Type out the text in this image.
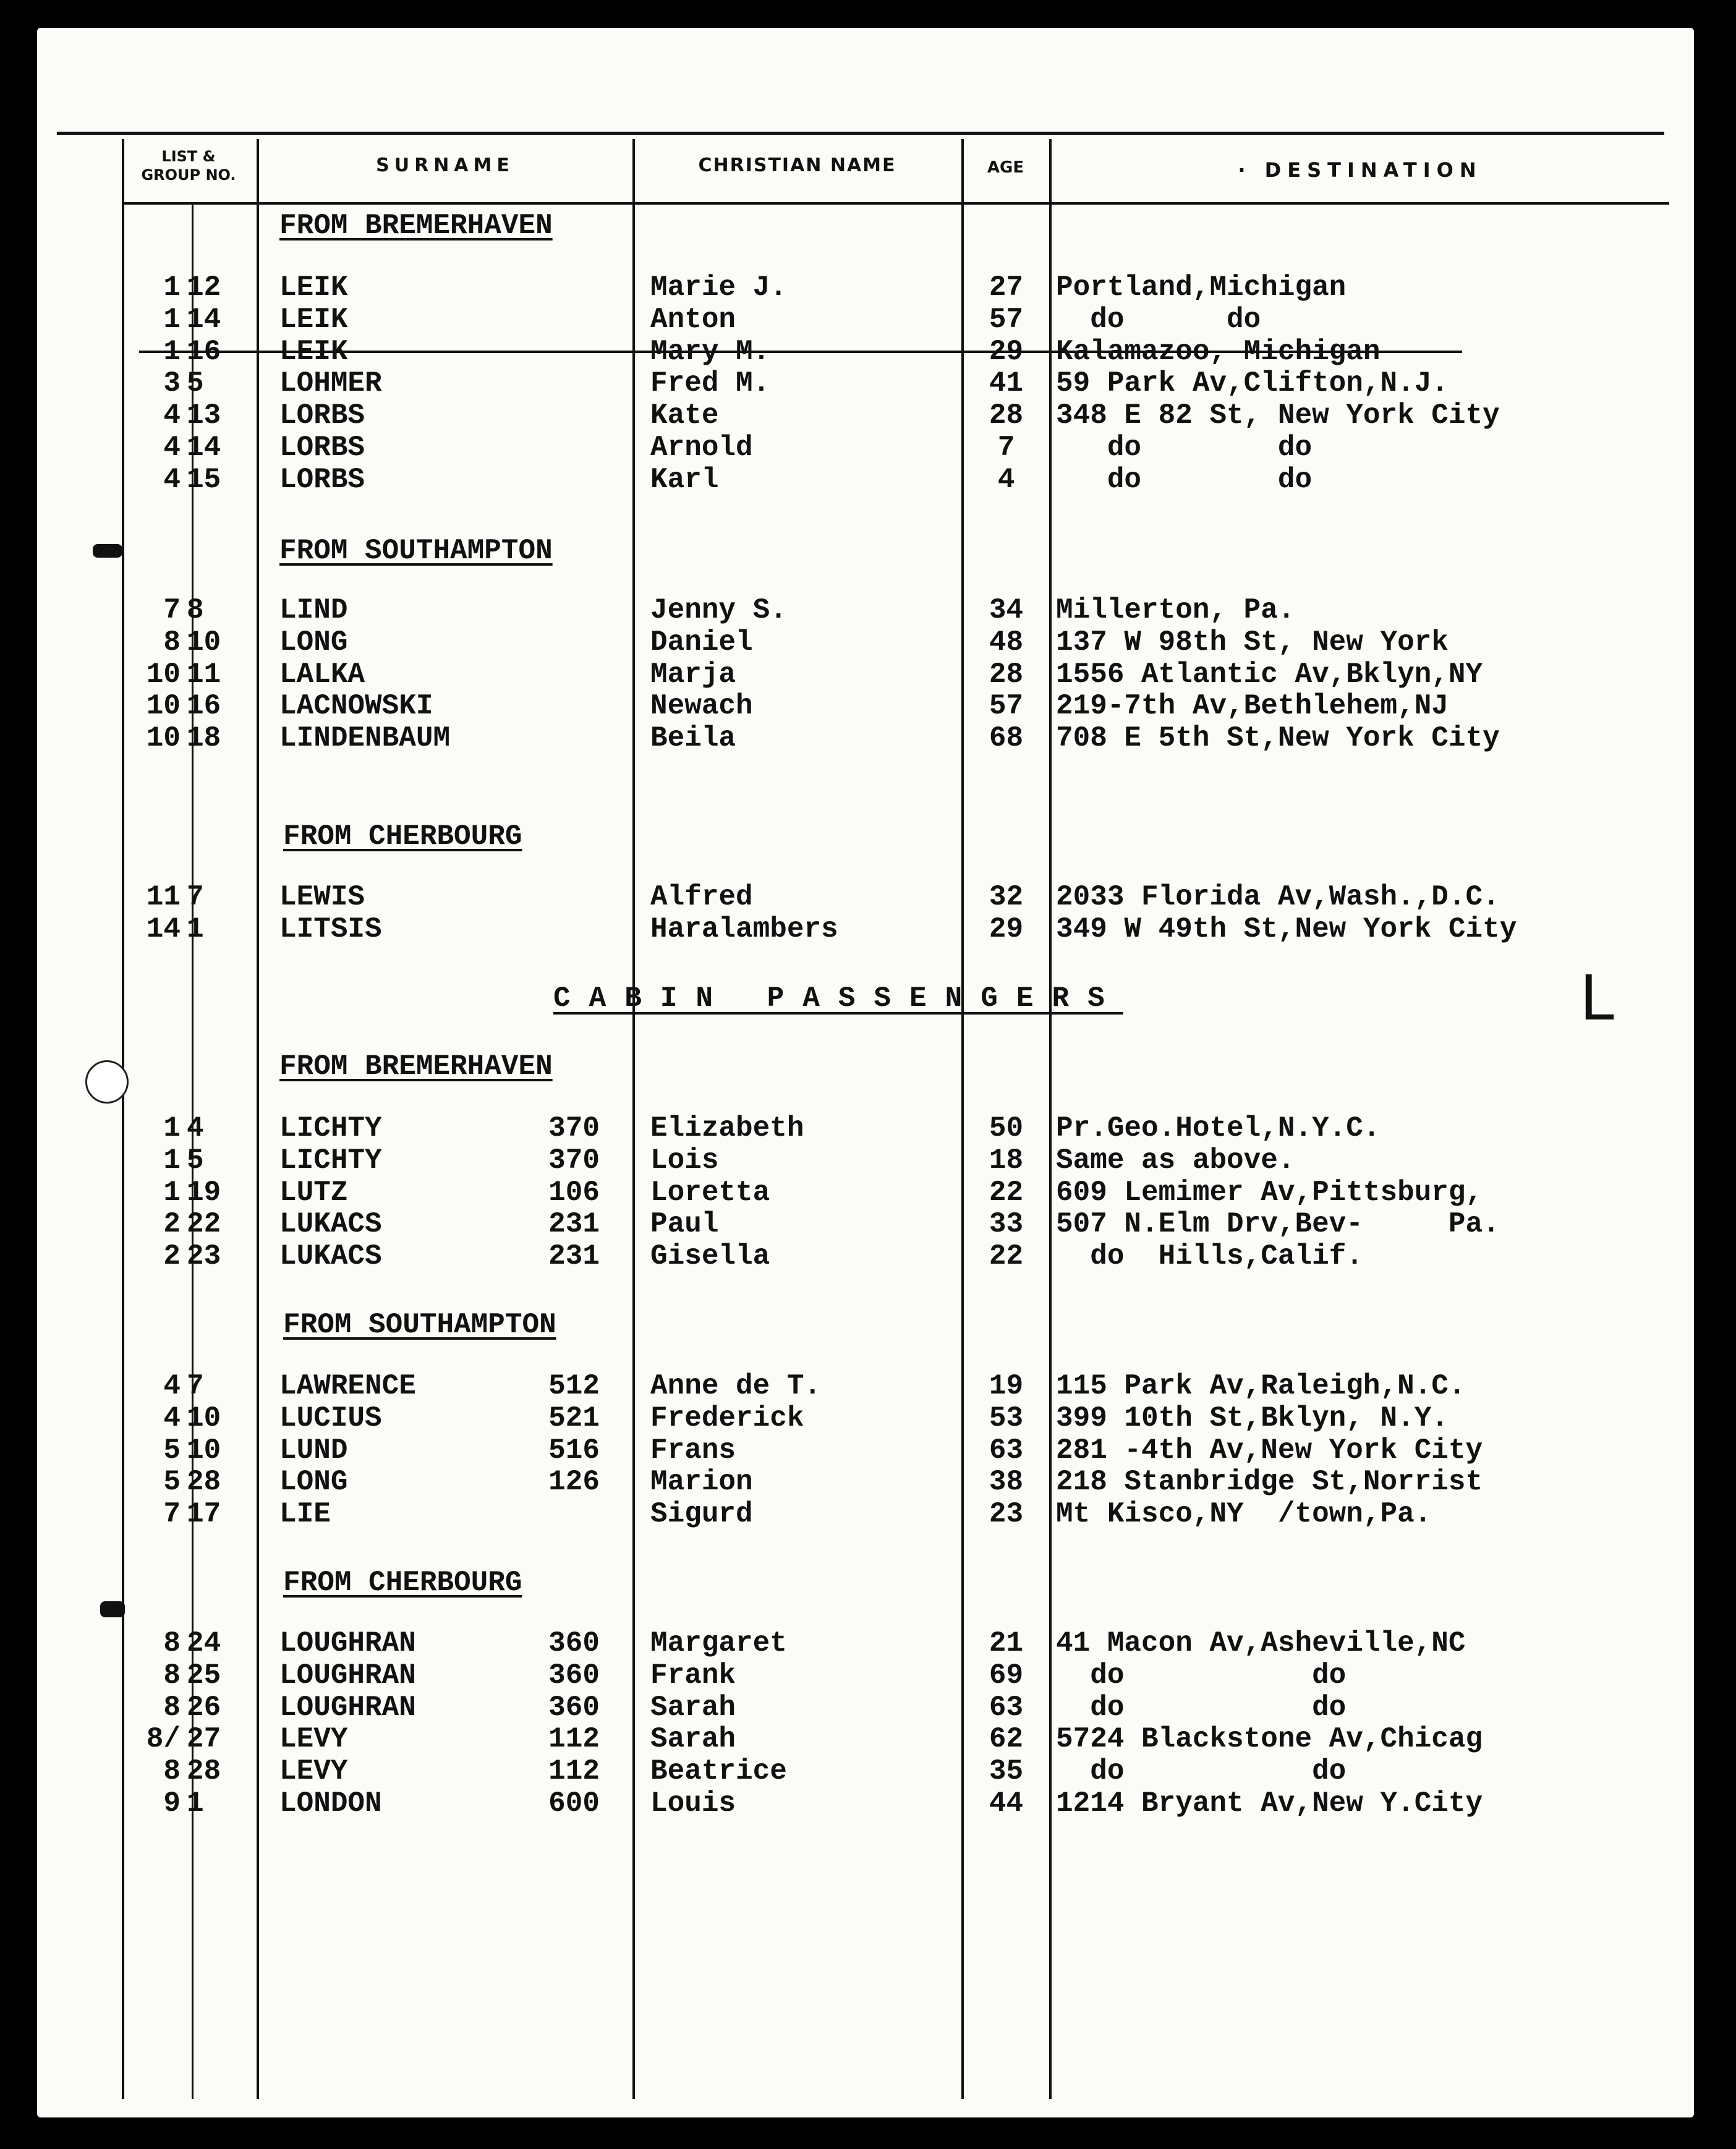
LIST &
GROUP NO.	SURNAME	CHRISTIAN NAME	AGE	· DESTINATION
FROM BREMERHAVEN
FROM SOUTHAMPTON
FROM CHERBOURG
CABIN PASSENGERS
FROM BREMERHAVEN
FROM SOUTHAMPTON
FROM CHERBOURG
L
1 12	LEIK	Marie J.	27	Portland,Michigan
1 14	LEIK	Anton	57	do      do
1 16	LEIK	Mary M.	29	Kalamazoo, Michigan
3 5	LOHMER	Fred M.	41	59 Park Av,Clifton,N.J.
4 13	LORBS	Kate	28	348 E 82 St, New York City
4 14	LORBS	Arnold	7	do        do
4 15	LORBS	Karl	4	do        do
7 8	LIND	Jenny S.	34	Millerton, Pa.
8 10	LONG	Daniel	48	137 W 98th St, New York
10 11	LALKA	Marja	28	1556 Atlantic Av,Bklyn,NY
10 16	LACNOWSKI	Newach	57	219-7th Av,Bethlehem,NJ
10 18	LINDENBAUM	Beila	68	708 E 5th St,New York City
11 7	LEWIS	Alfred	32	2033 Florida Av,Wash.,D.C.
14 1	LITSIS	Haralambers	29	349 W 49th St,New York City
1 4	LICHTY	370 Elizabeth	50	Pr.Geo.Hotel,N.Y.C.
1 5	LICHTY	370 Lois	18	Same as above.
1 19	LUTZ	106 Loretta	22	609 Lemimer Av,Pittsburg,
2 22	LUKACS	231 Paul	33	507 N.Elm Drv,Bev-     Pa.
2 23	LUKACS	231 Gisella	22	do  Hills,Calif.
4 7	LAWRENCE	512 Anne de T.	19	115 Park Av,Raleigh,N.C.
4 10	LUCIUS	521 Frederick	53	399 10th St,Bklyn, N.Y.
5 10	LUND	516 Frans	63	281 -4th Av,New York City
5 28	LONG	126 Marion	38	218 Stanbridge St,Norrist
7 17	LIE	Sigurd	23	Mt Kisco,NY  /town,Pa.
8 24	LOUGHRAN	360 Margaret	21	41 Macon Av,Asheville,NC
8 25	LOUGHRAN	360 Frank	69	do           do
8 26	LOUGHRAN	360 Sarah	63	do           do
8/ 27	LEVY	112 Sarah	62	5724 Blackstone Av,Chicag
8 28	LEVY	112 Beatrice	35	do           do
9 1	LONDON	600 Louis	44	1214 Bryant Av,New Y.City
